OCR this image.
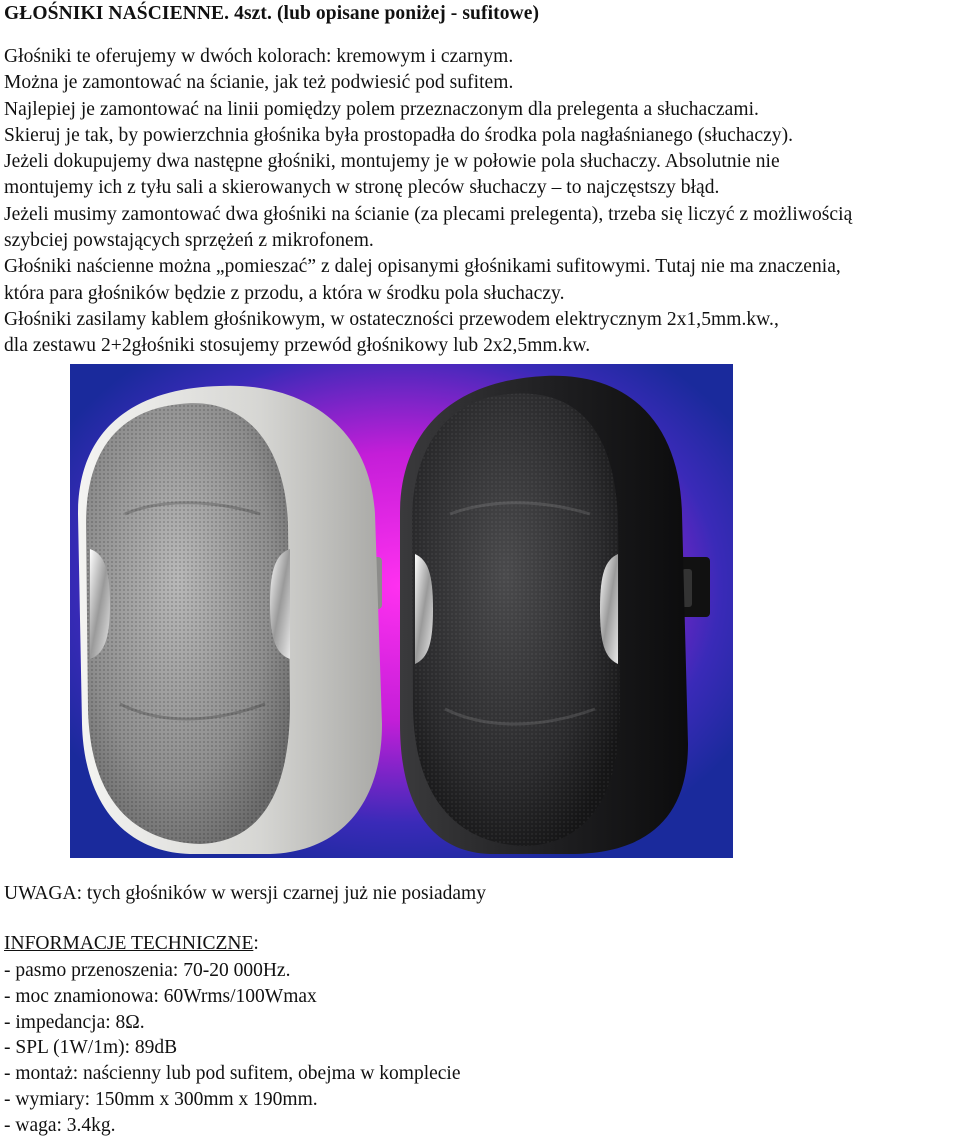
GŁOŚNIKI NAŚCIENNE. 4szt. (lub opisane poniżej - sufitowe)
Głośniki te oferujemy w dwóch kolorach: kremowym i czarnym.
Można je zamontować na ścianie, jak też podwiesić pod sufitem.
Najlepiej je zamontować na linii pomiędzy polem przeznaczonym dla prelegenta a słuchaczami.
Skieruj je tak, by powierzchnia głośnika była prostopadła do środka pola nagłaśnianego (słuchaczy).
Jeżeli dokupujemy dwa następne głośniki, montujemy je w połowie pola słuchaczy. Absolutnie nie
montujemy ich z tyłu sali a skierowanych w stronę pleców słuchaczy – to najczęstszy błąd.
Jeżeli musimy zamontować dwa głośniki na ścianie (za plecami prelegenta), trzeba się liczyć z możliwością
szybciej powstających sprzężeń z mikrofonem.
Głośniki naścienne można „pomieszać” z dalej opisanymi głośnikami sufitowymi. Tutaj nie ma znaczenia,
która para głośników będzie z przodu, a która w środku pola słuchaczy.
Głośniki zasilamy kablem głośnikowym, w ostateczności przewodem elektrycznym 2x1,5mm.kw.,
dla zestawu 2+2głośniki stosujemy przewód głośnikowy lub 2x2,5mm.kw.
UWAGA: tych głośników w wersji czarnej już nie posiadamy
INFORMACJE TECHNICZNE:
- pasmo przenoszenia: 70-20 000Hz.
- moc znamionowa: 60Wrms/100Wmax
- impedancja: 8Ω.
- SPL (1W/1m): 89dB
- montaż: naścienny lub pod sufitem, obejma w komplecie
- wymiary: 150mm x 300mm x 190mm.
- waga: 3.4kg.
